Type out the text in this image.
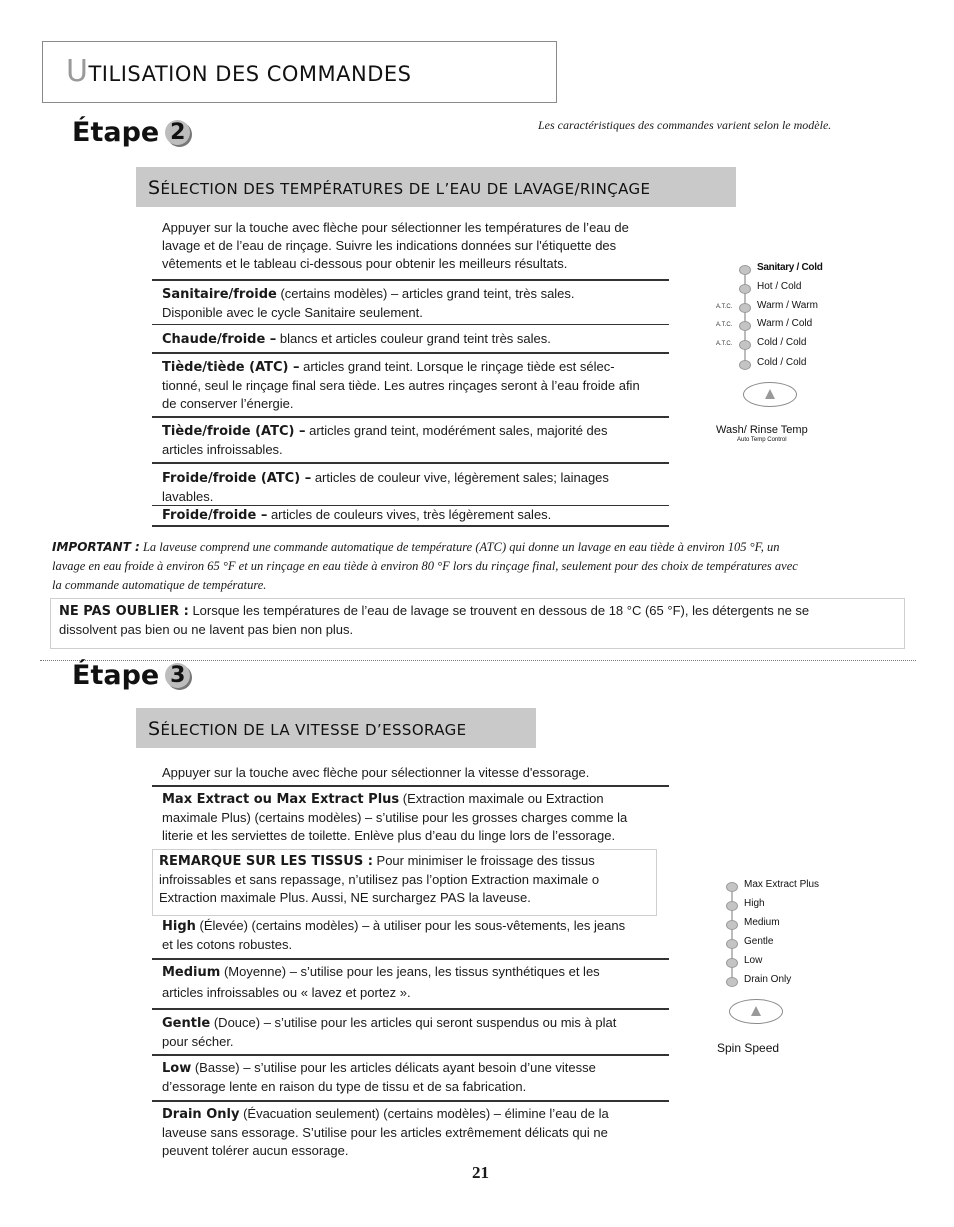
UTILISATION DES COMMANDES
Étape 2	Les caractéristiques des commandes varient selon le modèle.
SÉLECTION DES TEMPÉRATURES DE L’EAU DE LAVAGE/RINÇAGE
Appuyer sur la touche avec flèche pour sélectionner les températures de l’eau de
lavage et de l’eau de rinçage. Suivre les indications données sur l'étiquette des
vêtements et le tableau ci-dessous pour obtenir les meilleurs résultats.
Sanitaire/froide (certains modèles) – articles grand teint, très sales.
Disponible avec le cycle Sanitaire seulement.
Chaude/froide – blancs et articles couleur grand teint très sales.
Tiède/tiède (ATC) – articles grand teint. Lorsque le rinçage tiède est sélec-
tionné, seul le rinçage final sera tiède. Les autres rinçages seront à l’eau froide afin
de conserver l’énergie.
Tiède/froide (ATC) – articles grand teint, modérément sales, majorité des
articles infroissables.
Froide/froide (ATC) – articles de couleur vive, légèrement sales; lainages
lavables.
Froide/froide – articles de couleurs vives, très légèrement sales.
Sanitary / Cold
Hot / Cold
Warm / Warm
Warm / Cold
Cold / Cold
Cold / Cold
A.T.C.
A.T.C.
A.T.C.
Wash/ Rinse Temp
Auto Temp Control
IMPORTANT : La laveuse comprend une commande automatique de température (ATC) qui donne un lavage en eau tiède à environ 105 °F, un
lavage en eau froide à environ 65 °F et un rinçage en eau tiède à environ 80 °F lors du rinçage final, seulement pour des choix de températures avec
la commande automatique de température.
NE PAS OUBLIER : Lorsque les températures de l’eau de lavage se trouvent en dessous de 18 °C (65 °F), les détergents ne se
dissolvent pas bien ou ne lavent pas bien non plus.
Étape 3
SÉLECTION DE LA VITESSE D’ESSORAGE
Appuyer sur la touche avec flèche pour sélectionner la vitesse d'essorage.
Max Extract ou Max Extract Plus (Extraction maximale ou Extraction
maximale Plus) (certains modèles) – s’utilise pour les grosses charges comme la
literie et les serviettes de toilette. Enlève plus d’eau du linge lors de l’essorage.
REMARQUE SUR LES TISSUS : Pour minimiser le froissage des tissus
infroissables et sans repassage, n’utilisez pas l’option Extraction maximale o
Extraction maximale Plus. Aussi, NE surchargez PAS la laveuse.
High (Élevée) (certains modèles) – à utiliser pour les sous-vêtements, les jeans
et les cotons robustes.
Medium (Moyenne) – s’utilise pour les jeans, les tissus synthétiques et les
articles infroissables ou « lavez et portez ».
Gentle (Douce) – s’utilise pour les articles qui seront suspendus ou mis à plat
pour sécher.
Low (Basse) – s’utilise pour les articles délicats ayant besoin d’une vitesse
d’essorage lente en raison du type de tissu et de sa fabrication.
Drain Only (Évacuation seulement) (certains modèles) – élimine l’eau de la
laveuse sans essorage. S’utilise pour les articles extrêmement délicats qui ne
peuvent tolérer aucun essorage.
Max Extract Plus
High
Medium
Gentle
Low
Drain Only
Spin Speed
21
